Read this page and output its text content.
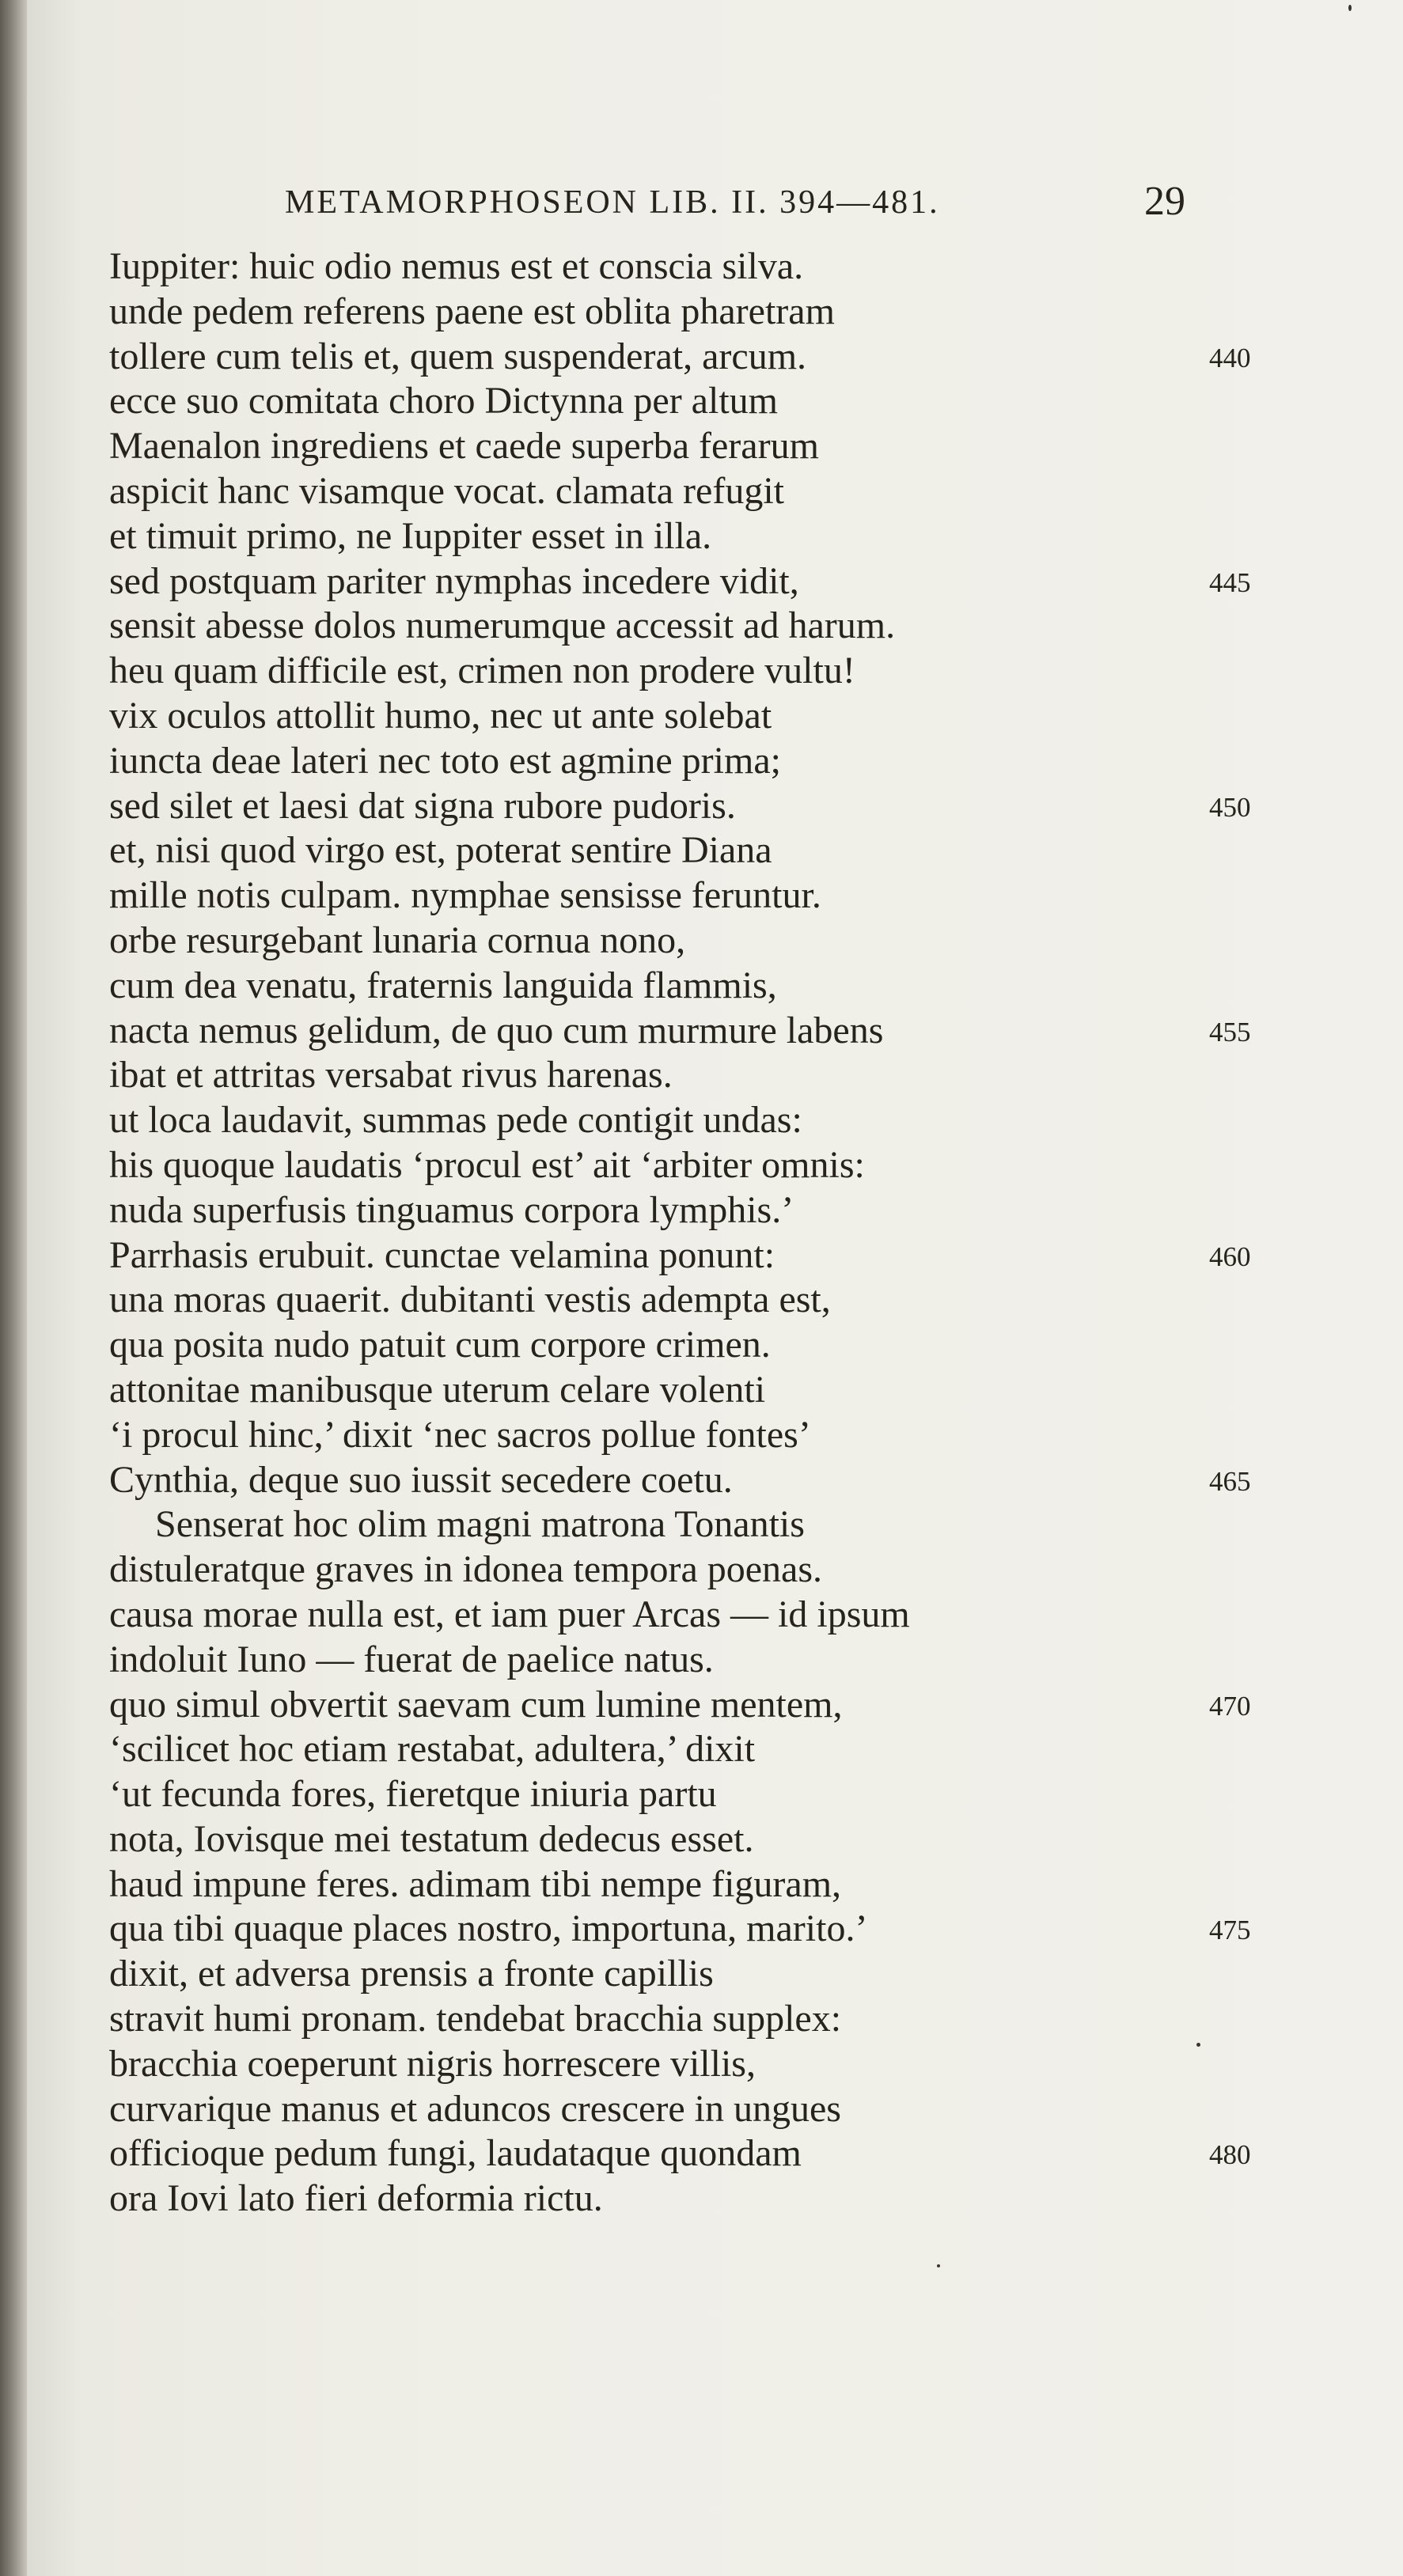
METAMORPHOSEON LIB. II. 394—481.	29
Iuppiter: huic odio nemus est et conscia silva.
unde pedem referens paene est oblita pharetram
tollere cum telis et, quem suspenderat, arcum.	440
ecce suo comitata choro Dictynna per altum
Maenalon ingrediens et caede superba ferarum
aspicit hanc visamque vocat. clamata refugit
et timuit primo, ne Iuppiter esset in illa.
sed postquam pariter nymphas incedere vidit,	445
sensit abesse dolos numerumque accessit ad harum.
heu quam difficile est, crimen non prodere vultu!
vix oculos attollit humo, nec ut ante solebat
iuncta deae lateri nec toto est agmine prima;
sed silet et laesi dat signa rubore pudoris.	450
et, nisi quod virgo est, poterat sentire Diana
mille notis culpam. nymphae sensisse feruntur.
orbe resurgebant lunaria cornua nono,
cum dea venatu, fraternis languida flammis,
nacta nemus gelidum, de quo cum murmure labens	455
ibat et attritas versabat rivus harenas.
ut loca laudavit, summas pede contigit undas:
his quoque laudatis ‘procul est’ ait ‘arbiter omnis:
nuda superfusis tinguamus corpora lymphis.’
Parrhasis erubuit. cunctae velamina ponunt:	460
una moras quaerit. dubitanti vestis adempta est,
qua posita nudo patuit cum corpore crimen.
attonitae manibusque uterum celare volenti
‘i procul hinc,’ dixit ‘nec sacros pollue fontes’
Cynthia, deque suo iussit secedere coetu.	465
Senserat hoc olim magni matrona Tonantis
distuleratque graves in idonea tempora poenas.
causa morae nulla est, et iam puer Arcas — id ipsum
indoluit Iuno — fuerat de paelice natus.
quo simul obvertit saevam cum lumine mentem,	470
‘scilicet hoc etiam restabat, adultera,’ dixit
‘ut fecunda fores, fieretque iniuria partu
nota, Iovisque mei testatum dedecus esset.
haud impune feres. adimam tibi nempe figuram,
qua tibi quaque places nostro, importuna, marito.’	475
dixit, et adversa prensis a fronte capillis
stravit humi pronam. tendebat bracchia supplex:
bracchia coeperunt nigris horrescere villis,
curvarique manus et aduncos crescere in ungues
officioque pedum fungi, laudataque quondam	480
ora Iovi lato fieri deformia rictu.
